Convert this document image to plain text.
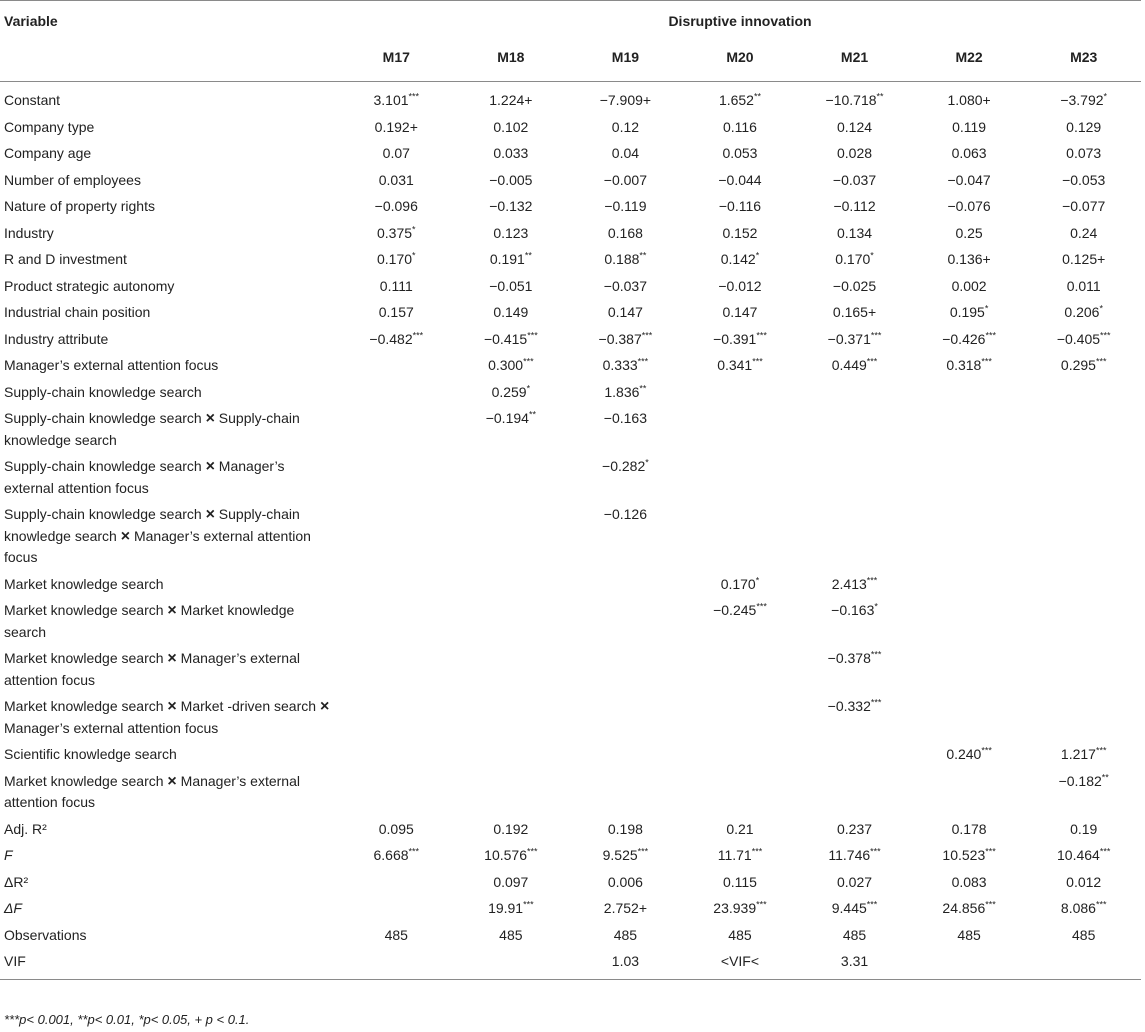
Variable	Disruptive innovation						
	M17	M18	M19	M20	M21	M22	M23
Constant	3.101***	1.224+	−7.909+	1.652**	−10.718**	1.080+	−3.792*
Company type	0.192+	0.102	0.12	0.116	0.124	0.119	0.129
Company age	0.07	0.033	0.04	0.053	0.028	0.063	0.073
Number of employees	0.031	−0.005	−0.007	−0.044	−0.037	−0.047	−0.053
Nature of property rights	−0.096	−0.132	−0.119	−0.116	−0.112	−0.076	−0.077
Industry	0.375*	0.123	0.168	0.152	0.134	0.25	0.24
R and D investment	0.170*	0.191**	0.188**	0.142*	0.170*	0.136+	0.125+
Product strategic autonomy	0.111	−0.051	−0.037	−0.012	−0.025	0.002	0.011
Industrial chain position	0.157	0.149	0.147	0.147	0.165+	0.195*	0.206*
Industry attribute	−0.482***	−0.415***	−0.387***	−0.391***	−0.371***	−0.426***	−0.405***
Manager’s external attention focus		0.300***	0.333***	0.341***	0.449***	0.318***	0.295***
Supply-chain knowledge search		0.259*	1.836**				
Supply-chain knowledge search × Supply-chain knowledge search		−0.194**	−0.163				
Supply-chain knowledge search × Manager’s external attention focus			−0.282*				
Supply-chain knowledge search × Supply-chain knowledge search × Manager’s external attention focus			−0.126				
Market knowledge search				0.170*	2.413***		
Market knowledge search × Market knowledge search				−0.245***	−0.163*		
Market knowledge search × Manager’s external attention focus					−0.378***		
Market knowledge search × Market -driven search × Manager’s external attention focus					−0.332***		
Scientific knowledge search						0.240***	1.217***
Market knowledge search × Manager’s external attention focus							−0.182**
Adj. R²	0.095	0.192	0.198	0.21	0.237	0.178	0.19
F	6.668***	10.576***	9.525***	11.71***	11.746***	10.523***	10.464***
ΔR²		0.097	0.006	0.115	0.027	0.083	0.012
ΔF		19.91***	2.752+	23.939***	9.445***	24.856***	8.086***
Observations	485	485	485	485	485	485	485
VIF			1.03	<VIF<	3.31		
***p< 0.001, **p< 0.01, *p< 0.05, + p < 0.1.
